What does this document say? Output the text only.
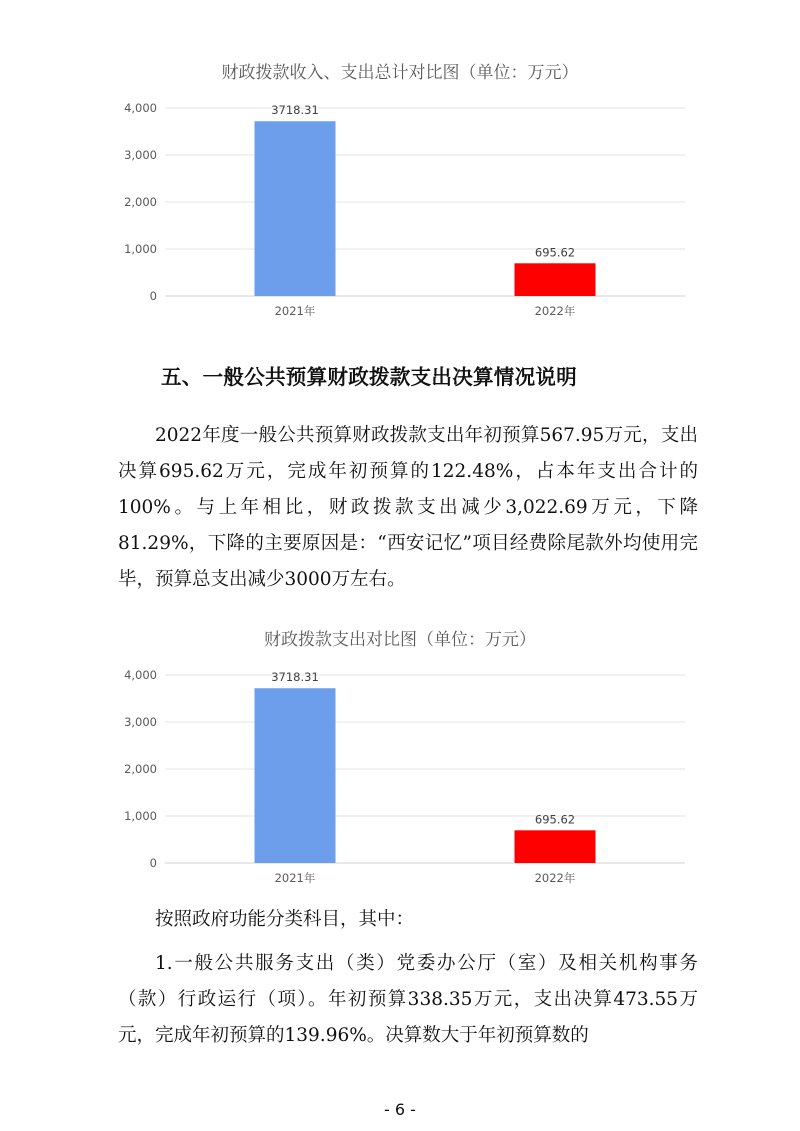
财政拨款收入、支出总计对比图（单位：万元）
0
1,000
2,000
3,000
4,000	3718.31
2021年
695.62
2022年
五、一般公共预算财政拨款支出决算情况说明

2022年度一般公共预算财政拨款支出年初预算567.95万元，支出决算695.62万元，完成年初预算的122.48%，占本年支出合计的100%。与上年相比，财政拨款支出减少3,022.69万元，下降81.29%，下降的主要原因是：“西安记忆”项目经费除尾款外均使用完毕，预算总支出减少3000万左右。

财政拨款支出对比图（单位：万元）
0
1,000
2,000
3,000
4,000	3718.31
2021年
695.62
2022年

按照政府功能分类科目，其中：

1.一般公共服务支出（类）党委办公厅（室）及相关机构事务（款）行政运行（项）。年初预算338.35万元，支出决算473.55万元，完成年初预算的139.96%。决算数大于年初预算数的

- 6 -
